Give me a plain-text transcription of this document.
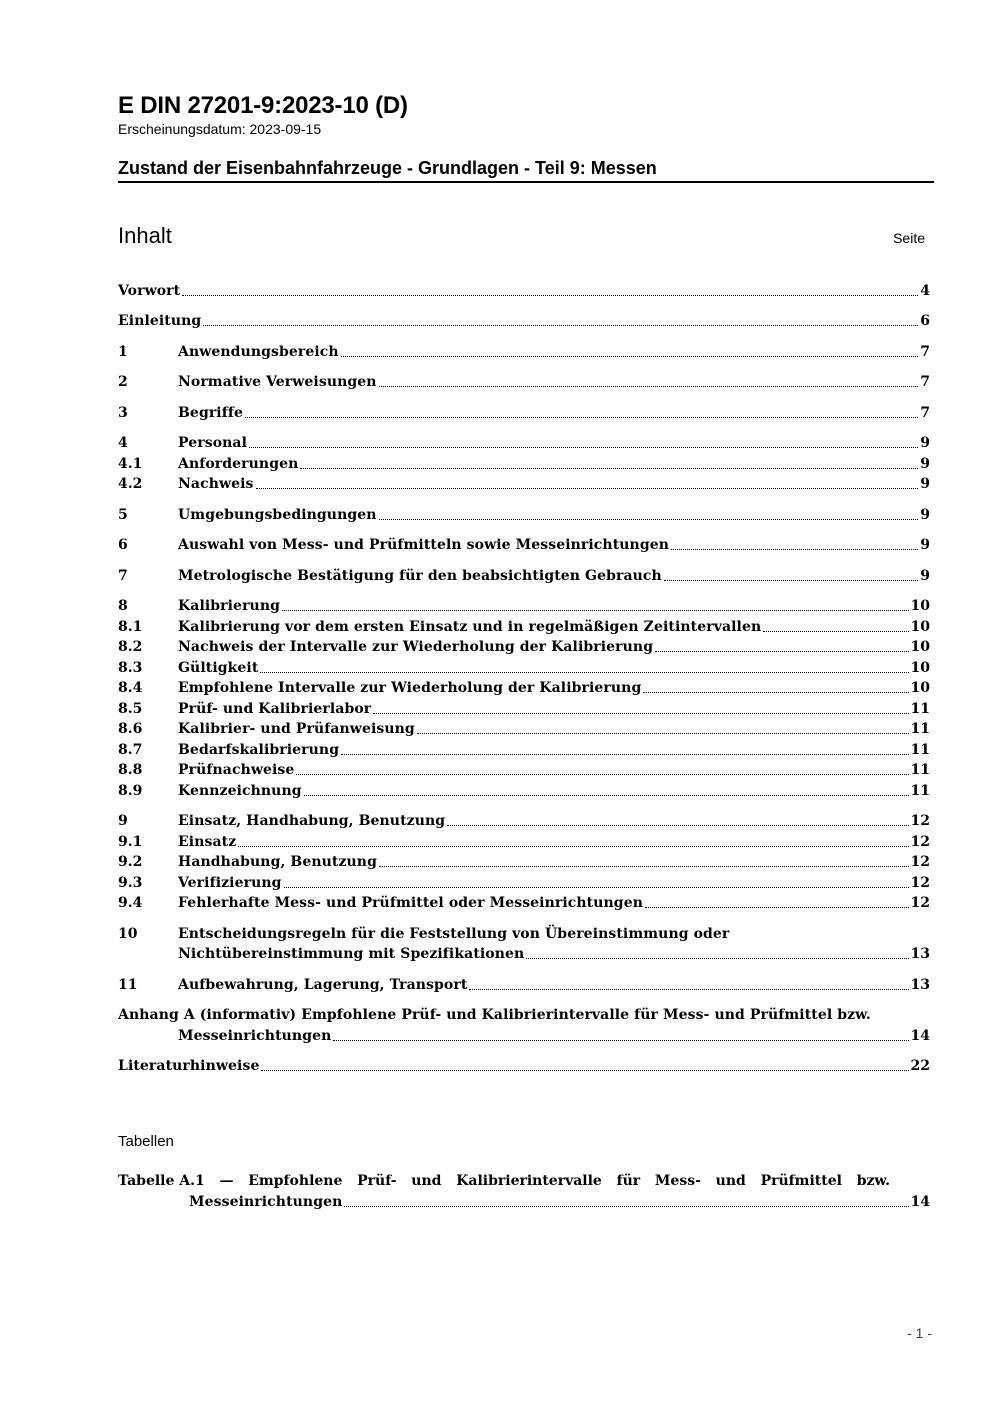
E DIN 27201-9:2023-10 (D)
Erscheinungsdatum: 2023-09-15
Zustand der Eisenbahnfahrzeuge - Grundlagen - Teil 9: Messen
Inhalt	Seite
Vorwort	4
Einleitung	6
1	Anwendungsbereich	7
2	Normative Verweisungen	7
3	Begriffe	7
4	Personal	9
4.1	Anforderungen	9
4.2	Nachweis	9
5	Umgebungsbedingungen	9
6	Auswahl von Mess- und Prüfmitteln sowie Messeinrichtungen	9
7	Metrologische Bestätigung für den beabsichtigten Gebrauch	9
8	Kalibrierung	10
8.1	Kalibrierung vor dem ersten Einsatz und in regelmäßigen Zeitintervallen	10
8.2	Nachweis der Intervalle zur Wiederholung der Kalibrierung	10
8.3	Gültigkeit	10
8.4	Empfohlene Intervalle zur Wiederholung der Kalibrierung	10
8.5	Prüf- und Kalibrierlabor	11
8.6	Kalibrier- und Prüfanweisung	11
8.7	Bedarfskalibrierung	11
8.8	Prüfnachweise	11
8.9	Kennzeichnung	11
9	Einsatz, Handhabung, Benutzung	12
9.1	Einsatz	12
9.2	Handhabung, Benutzung	12
9.3	Verifizierung	12
9.4	Fehlerhafte Mess- und Prüfmittel oder Messeinrichtungen	12
10	Entscheidungsregeln für die Feststellung von Übereinstimmung oder
Nichtübereinstimmung mit Spezifikationen	13
11	Aufbewahrung, Lagerung, Transport	13
Anhang A (informativ) Empfohlene Prüf- und Kalibrierintervalle für Mess- und Prüfmittel bzw.
Messeinrichtungen	14
Literaturhinweise	22
Tabellen
Tabelle A.1 — Empfohlene Prüf- und Kalibrierintervalle für Mess- und Prüfmittel bzw.
Messeinrichtungen	14
- 1 -
